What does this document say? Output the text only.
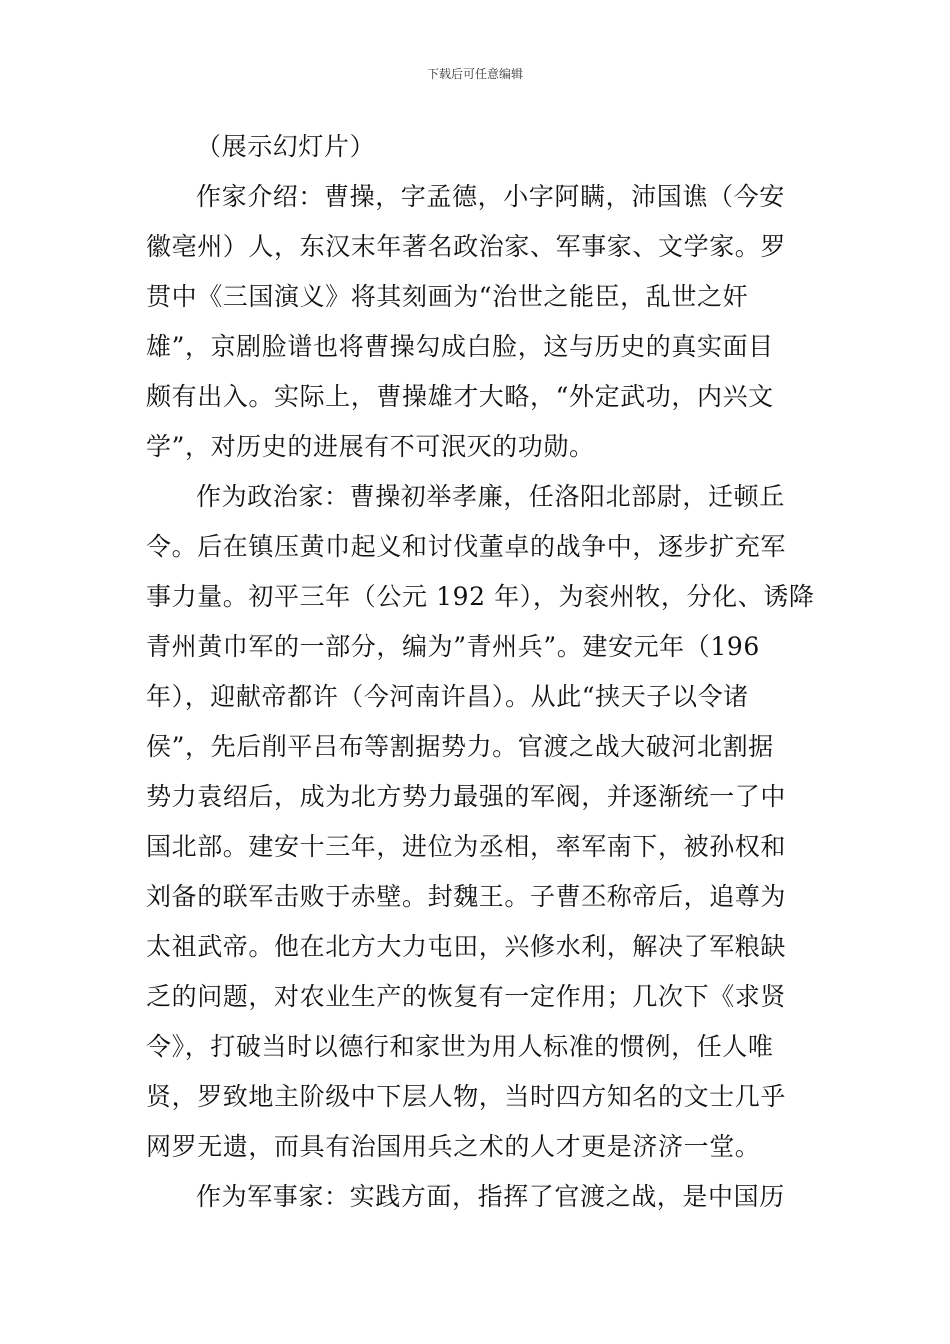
下载后可任意编辑

（展示幻灯片）

作家介绍：曹操，字孟德，小字阿瞒，沛国谯（今安
徽亳州）人，东汉末年著名政治家、军事家、文学家。罗
贯中《三国演义》将其刻画为“治世之能臣，乱世之奸
雄”，京剧脸谱也将曹操勾成白脸，这与历史的真实面目
颇有出入。实际上，曹操雄才大略，“外定武功，内兴文
学”，对历史的进展有不可泯灭的功勋。

作为政治家：曹操初举孝廉，任洛阳北部尉，迁顿丘
令。后在镇压黄巾起义和讨伐董卓的战争中，逐步扩充军
事力量。初平三年（公元 192 年），为衮州牧，分化、诱降
青州黄巾军的一部分，编为”青州兵”。建安元年（196
年），迎献帝都许（今河南许昌）。从此“挟天子以令诸
侯”，先后削平吕布等割据势力。官渡之战大破河北割据
势力袁绍后，成为北方势力最强的军阀，并逐渐统一了中
国北部。建安十三年，进位为丞相，率军南下，被孙权和
刘备的联军击败于赤壁。封魏王。子曹丕称帝后，追尊为
太祖武帝。他在北方大力屯田，兴修水利，解决了军粮缺
乏的问题，对农业生产的恢复有一定作用；几次下《求贤
令》，打破当时以德行和家世为用人标准的惯例，任人唯
贤，罗致地主阶级中下层人物，当时四方知名的文士几乎
网罗无遗，而具有治国用兵之术的人才更是济济一堂。

作为军事家：实践方面，指挥了官渡之战，是中国历
